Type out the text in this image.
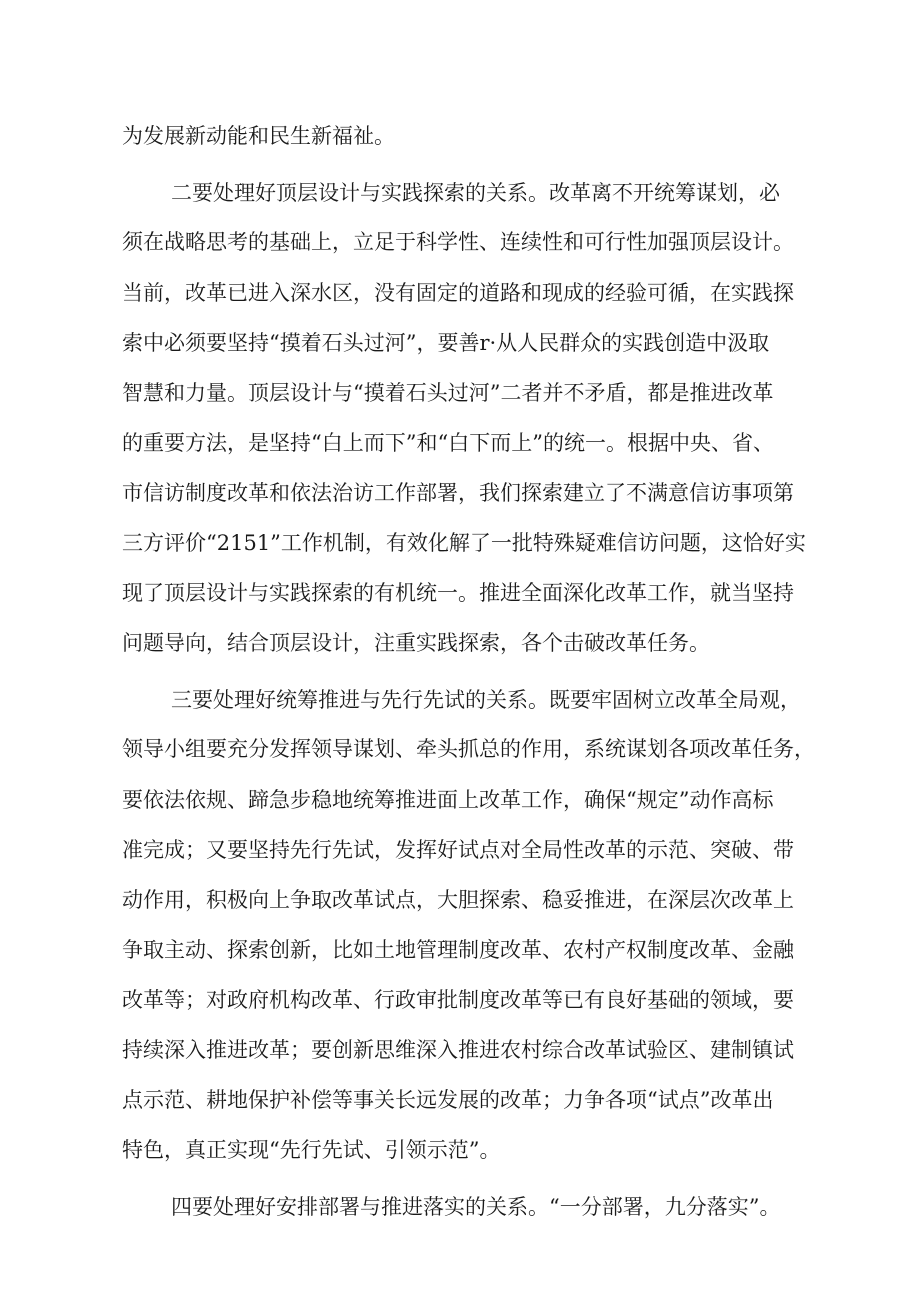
为发展新动能和民生新福祉。
二要处理好顶层设计与实践探索的关系。改革离不开统筹谋划，必
须在战略思考的基础上，立足于科学性、连续性和可行性加强顶层设计。
当前，改革已进入深水区，没有固定的道路和现成的经验可循，在实践探
索中必须要坚持“摸着石头过河”，要善r·从人民群众的实践创造中汲取
智慧和力量。顶层设计与“摸着石头过河”二者并不矛盾，都是推进改革
的重要方法，是坚持“白上而下”和“白下而上”的统一。根据中央、省、
市信访制度改革和依法治访工作部署，我们探索建立了不满意信访事项第
三方评价“2151”工作机制，有效化解了一批特殊疑难信访问题，这恰好实
现了顶层设计与实践探索的有机统一。推进全面深化改革工作，就当坚持
问题导向，结合顶层设计，注重实践探索，各个击破改革任务。
三要处理好统筹推进与先行先试的关系。既要牢固树立改革全局观，
领导小组要充分发挥领导谋划、牵头抓总的作用，系统谋划各项改革任务，
要依法依规、蹄急步稳地统筹推进面上改革工作，确保“规定”动作高标
准完成；又要坚持先行先试，发挥好试点对全局性改革的示范、突破、带
动作用，积极向上争取改革试点，大胆探索、稳妥推进，在深层次改革上
争取主动、探索创新，比如土地管理制度改革、农村产权制度改革、金融
改革等；对政府机构改革、行政审批制度改革等已有良好基础的领域，要
持续深入推进改革；要创新思维深入推进农村综合改革试验区、建制镇试
点示范、耕地保护补偿等事关长远发展的改革；力争各项“试点”改革出
特色，真正实现“先行先试、引领示范”。
四要处理好安排部署与推进落实的关系。“一分部署，九分落实”。
